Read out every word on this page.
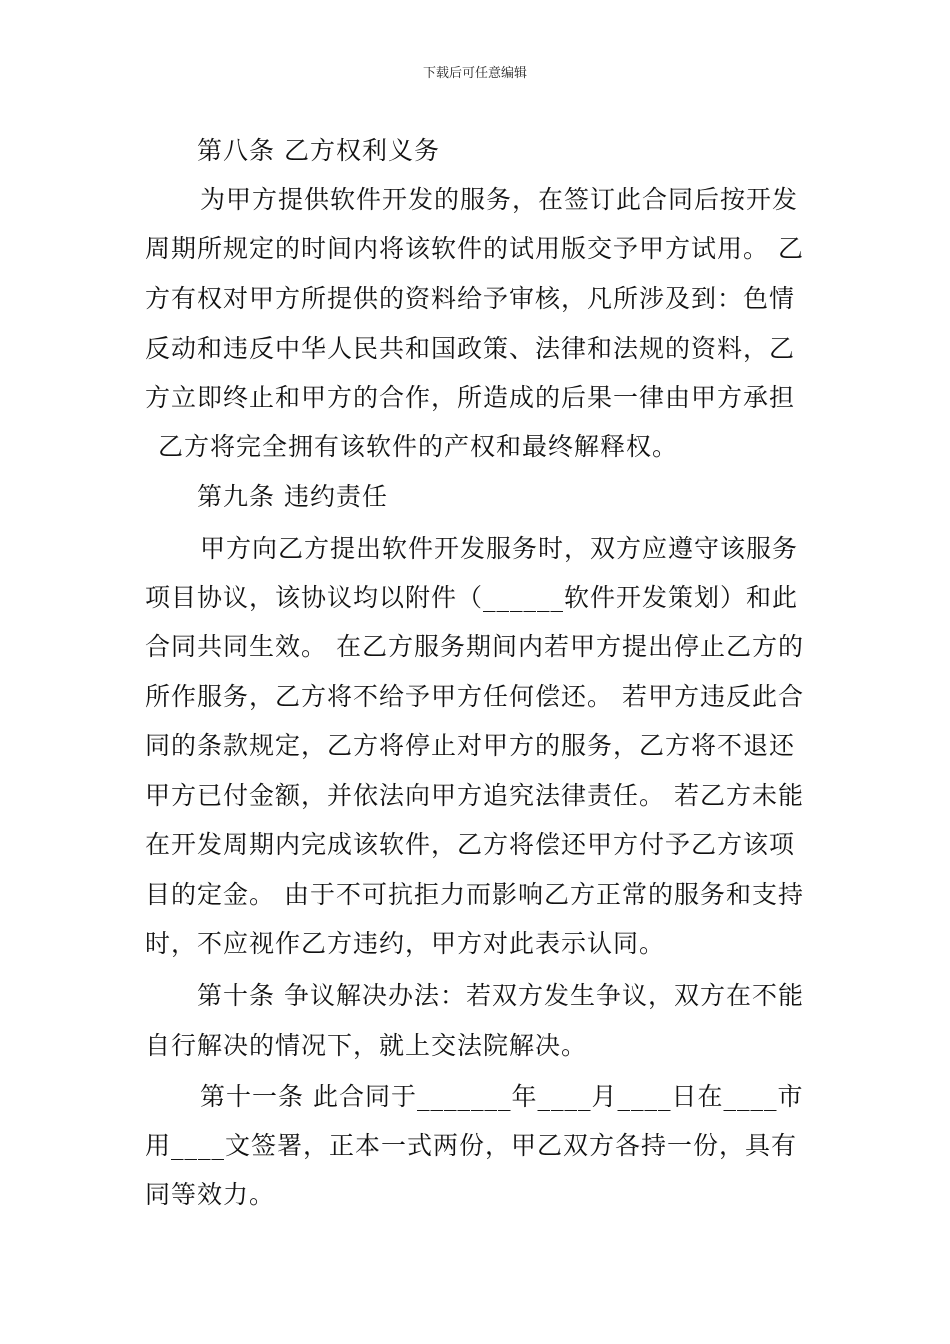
下载后可任意编辑
第八条 乙方权利义务
为甲方提供软件开发的服务，在签订此合同后按开发
周期所规定的时间内将该软件的试用版交予甲方试用。 乙
方有权对甲方所提供的资料给予审核，凡所涉及到：色情
反动和违反中华人民共和国政策、法律和法规的资料，乙
方立即终止和甲方的合作，所造成的后果一律由甲方承担
乙方将完全拥有该软件的产权和最终解释权。
第九条 违约责任
甲方向乙方提出软件开发服务时，双方应遵守该服务
项目协议，该协议均以附件（______软件开发策划）和此
合同共同生效。 在乙方服务期间内若甲方提出停止乙方的
所作服务，乙方将不给予甲方任何偿还。 若甲方违反此合
同的条款规定，乙方将停止对甲方的服务，乙方将不退还
甲方已付金额，并依法向甲方追究法律责任。 若乙方未能
在开发周期内完成该软件，乙方将偿还甲方付予乙方该项
目的定金。 由于不可抗拒力而影响乙方正常的服务和支持
时，不应视作乙方违约，甲方对此表示认同。
第十条 争议解决办法：若双方发生争议，双方在不能
自行解决的情况下，就上交法院解决。
第十一条 此合同于_______年____月____日在____市
用____文签署，正本一式两份，甲乙双方各持一份，具有
同等效力。
